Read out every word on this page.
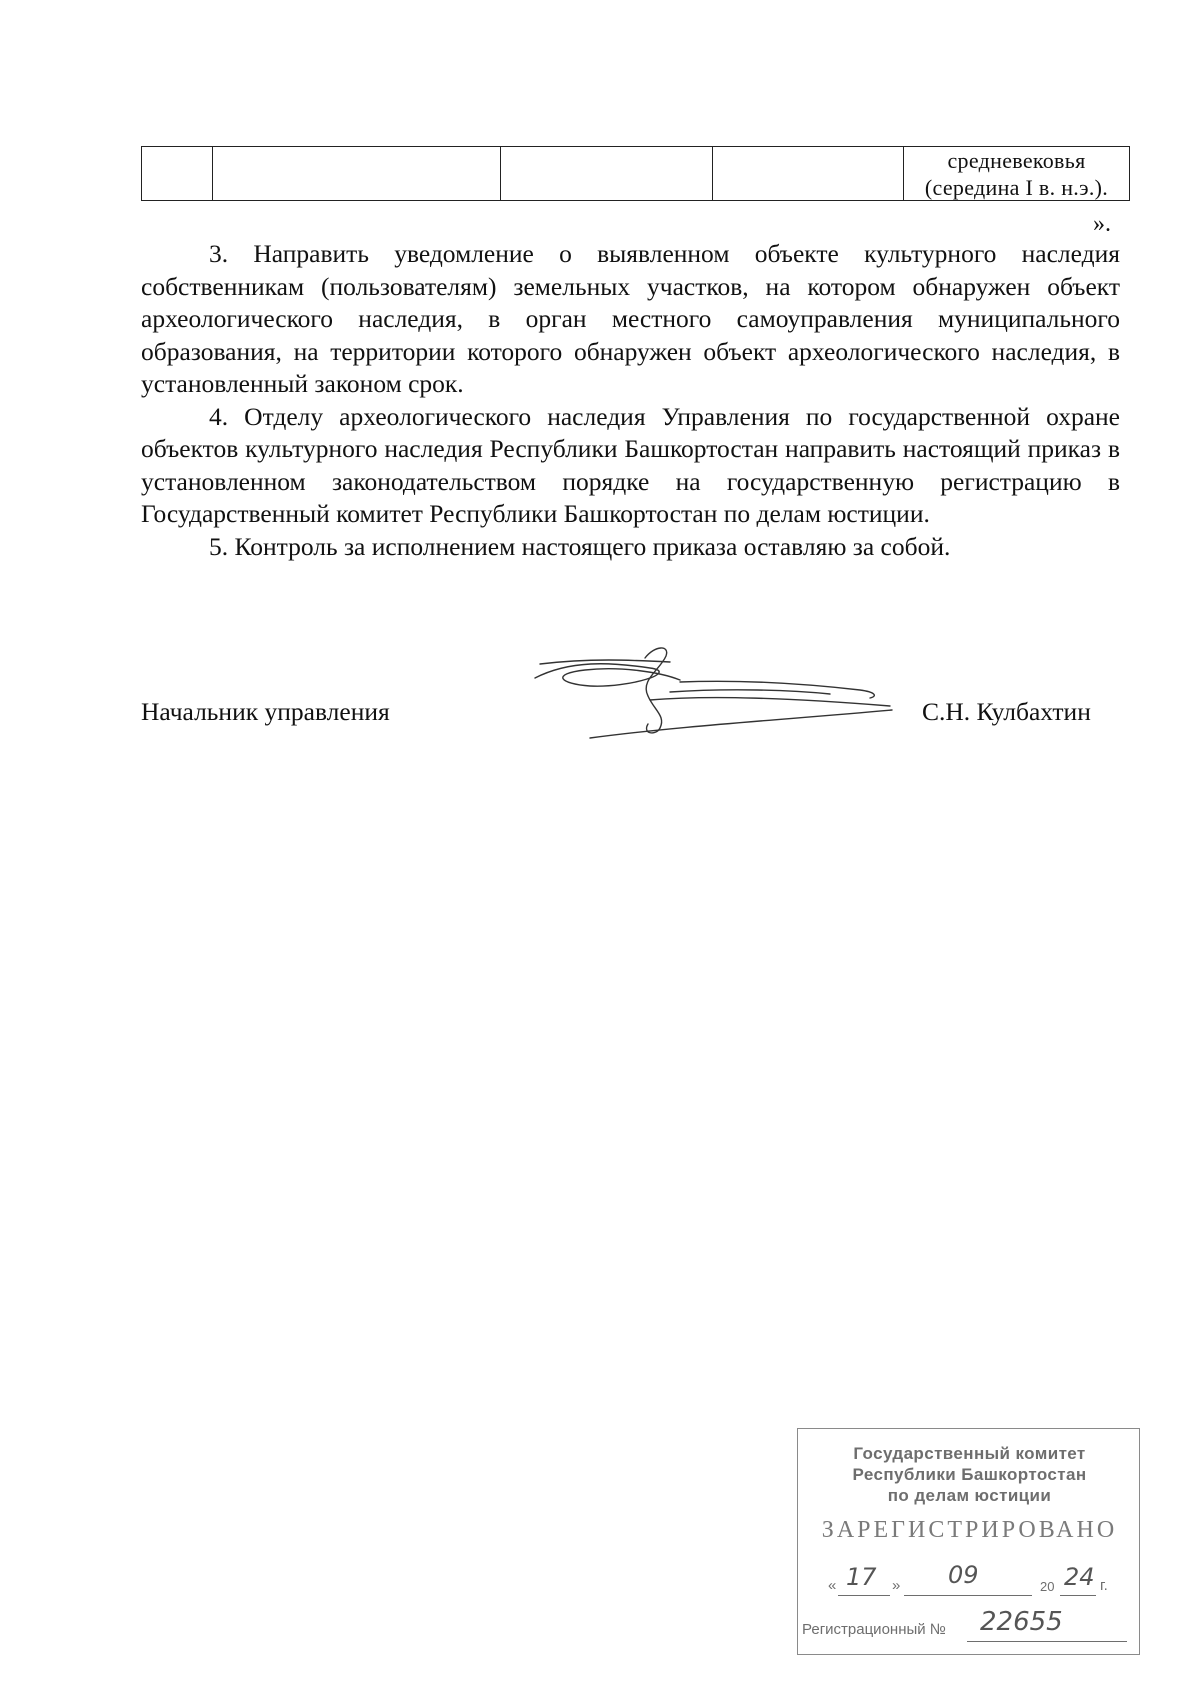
средневековья
(середина I в. н.э.).
».

3. Направить уведомление о выявленном объекте культурного наследия собственникам (пользователям) земельных участков, на котором обнаружен объект археологического наследия, в орган местного самоуправления муниципального образования, на территории которого обнаружен объект археологического наследия, в установленный законом срок.

4. Отделу археологического наследия Управления по государственной охране объектов культурного наследия Республики Башкортостан направить настоящий приказ в установленном законодательством порядке на государственную регистрацию в Государственный комитет Республики Башкортостан по делам юстиции.

5. Контроль за исполнением настоящего приказа оставляю за собой.

Начальник управления	С.Н. Кулбахтин
Государственный комитет
Республики Башкортостан
по делам юстиции
ЗАРЕГИСТРИРОВАНО
« 17 » 09	20 24 г.
Регистрационный № 22655
